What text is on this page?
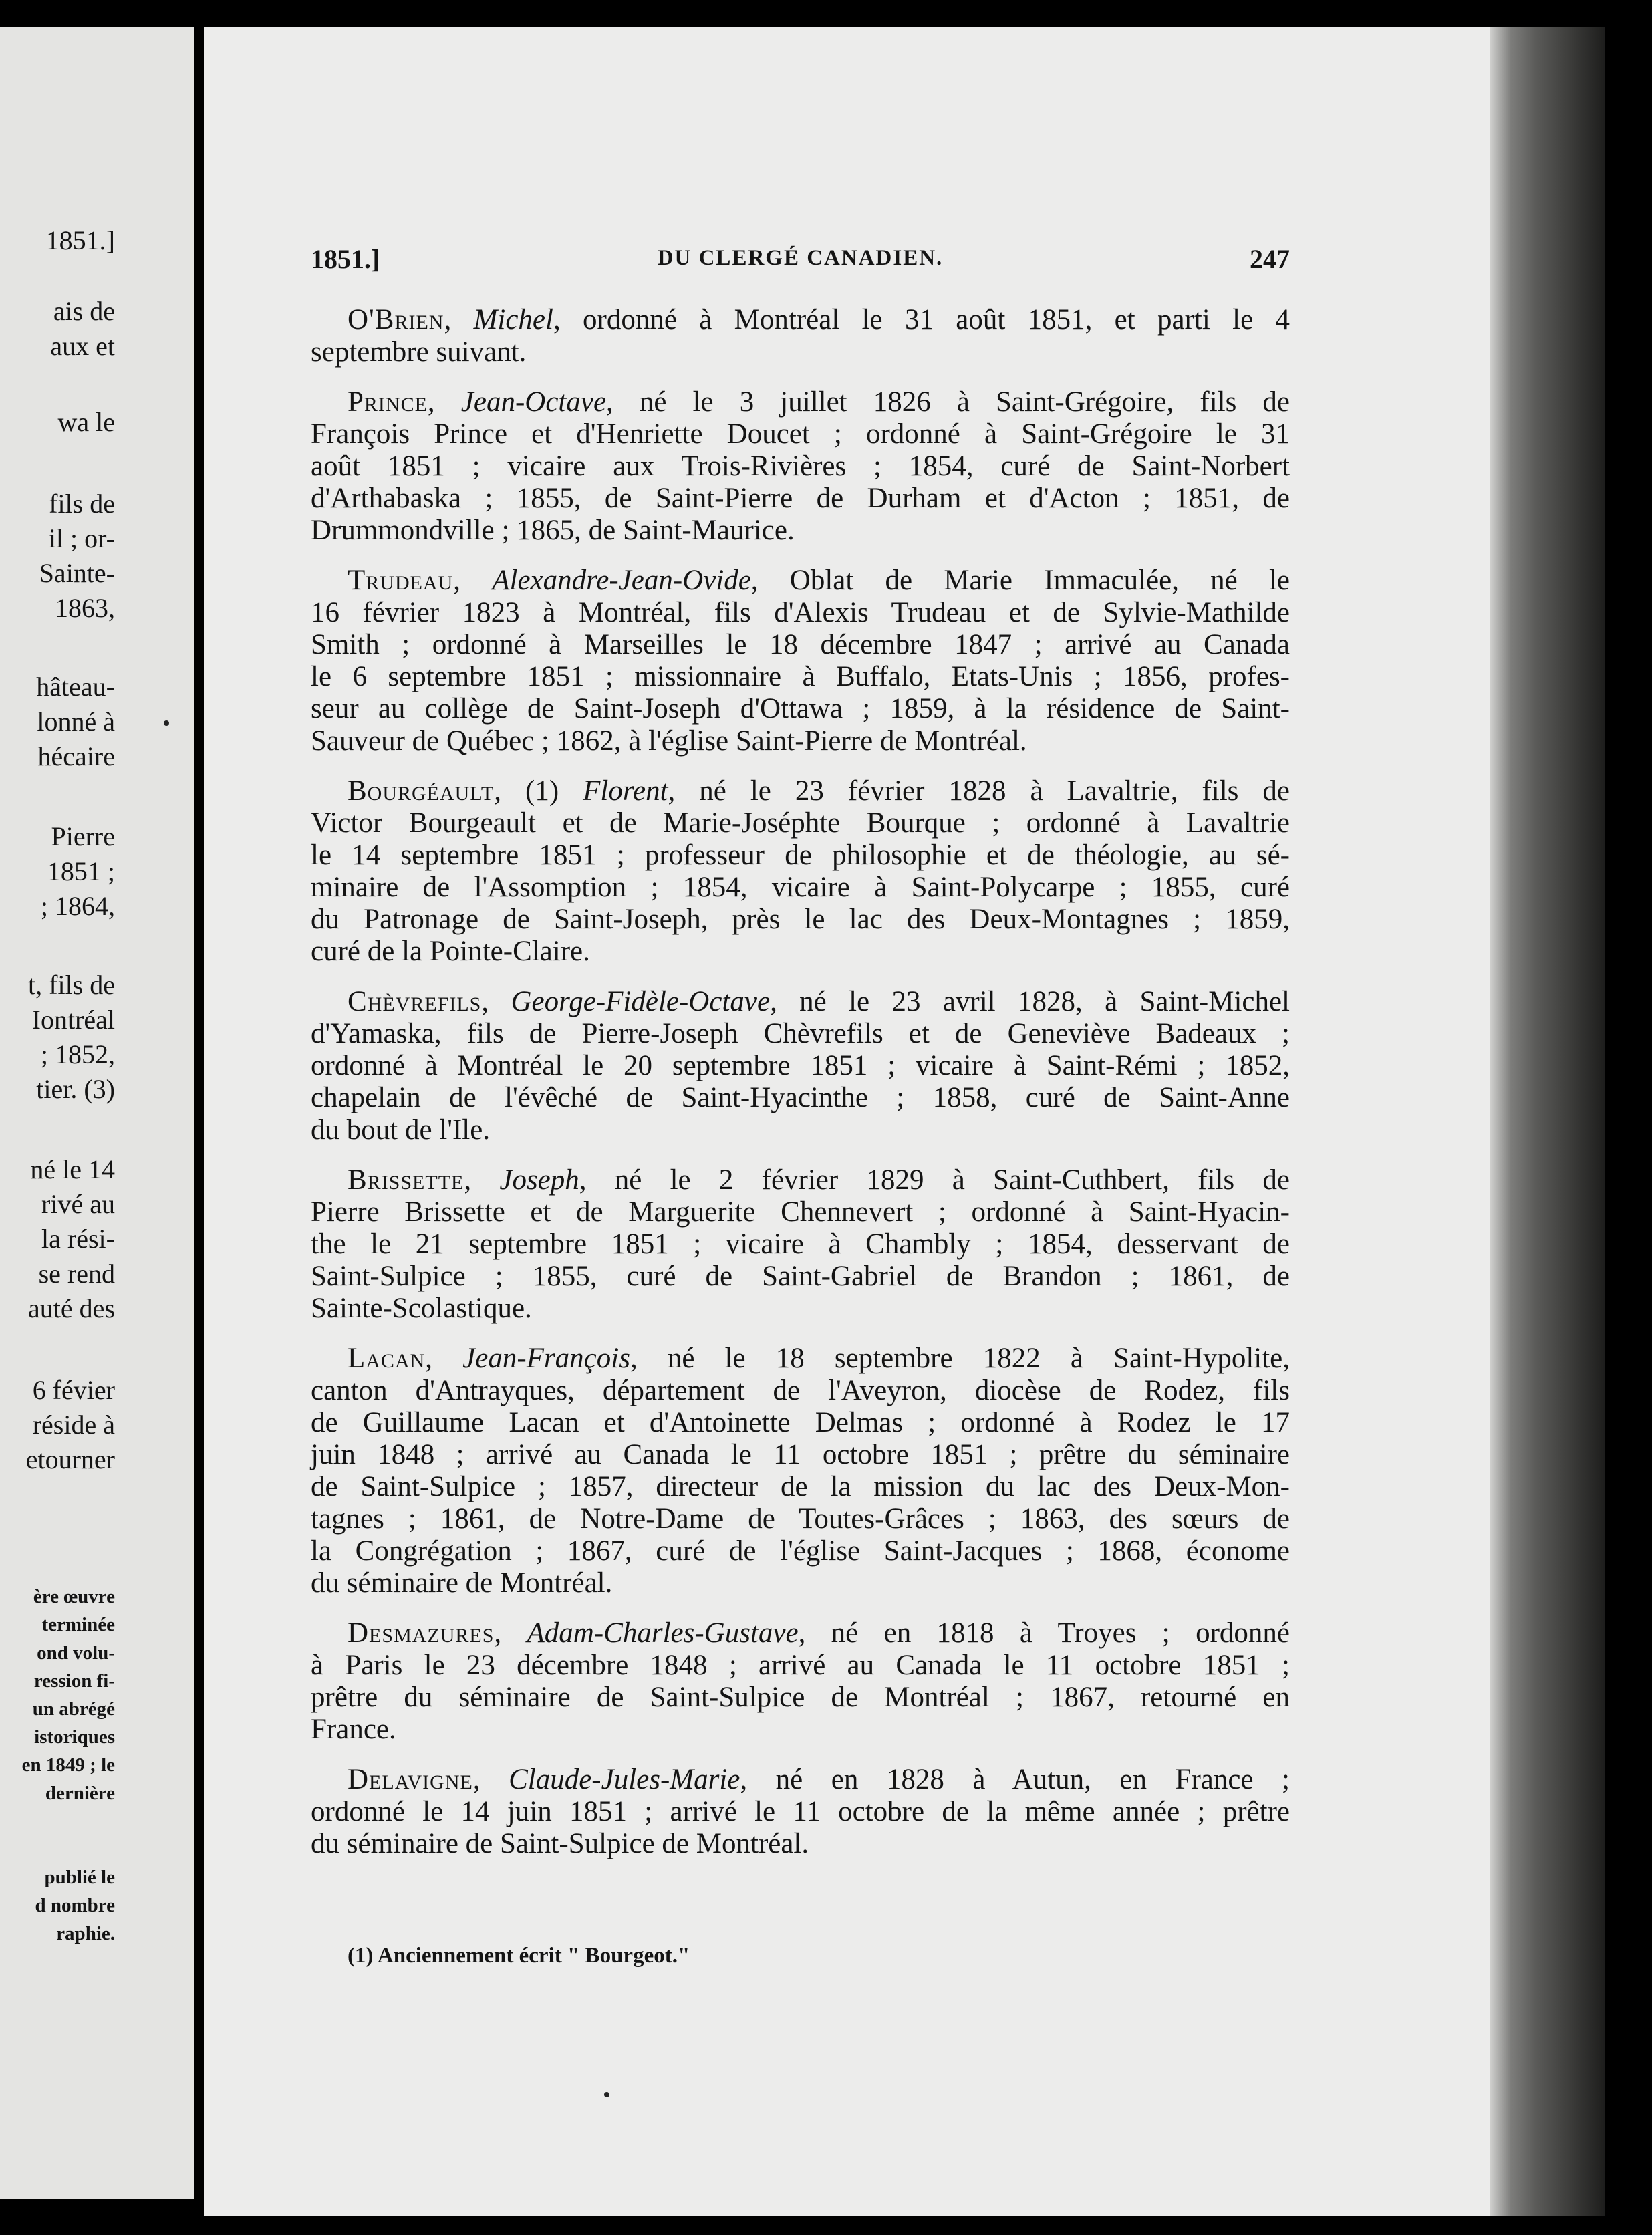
1851.]
ais de
aux et
wa le
fils de
il ; or-
Sainte-
1863,
hâteau-
lonné à
hécaire
Pierre
1851 ;
; 1864,
t, fils de
Iontréal
; 1852,
tier. (3)
né le 14
rivé au
la rési-
se rend
auté des
6 févier
réside à
etourner
ère œuvre
terminée
ond volu-
ression fi-
un abrégé
istoriques
en 1849 ; le
dernière
publié le
d nombre
raphie.
1851.]	DU CLERGÉ CANADIEN.	247
O'Brien, Michel, ordonné à Montréal le 31 août 1851, et parti le 4
septembre suivant.
Prince, Jean-Octave, né le 3 juillet 1826 à Saint-Grégoire, fils de
François Prince et d'Henriette Doucet ; ordonné à Saint-Grégoire le 31
août 1851 ; vicaire aux Trois-Rivières ; 1854, curé de Saint-Norbert
d'Arthabaska ; 1855, de Saint-Pierre de Durham et d'Acton ; 1851, de
Drummondville ; 1865, de Saint-Maurice.
Trudeau, Alexandre-Jean-Ovide, Oblat de Marie Immaculée, né le
16 février 1823 à Montréal, fils d'Alexis Trudeau et de Sylvie-Mathilde
Smith ; ordonné à Marseilles le 18 décembre 1847 ; arrivé au Canada
le 6 septembre 1851 ; missionnaire à Buffalo, Etats-Unis ; 1856, profes-
seur au collège de Saint-Joseph d'Ottawa ; 1859, à la résidence de Saint-
Sauveur de Québec ; 1862, à l'église Saint-Pierre de Montréal.
Bourgéault, (1) Florent, né le 23 février 1828 à Lavaltrie, fils de
Victor Bourgeault et de Marie-Joséphte Bourque ; ordonné à Lavaltrie
le 14 septembre 1851 ; professeur de philosophie et de théologie, au sé-
minaire de l'Assomption ; 1854, vicaire à Saint-Polycarpe ; 1855, curé
du Patronage de Saint-Joseph, près le lac des Deux-Montagnes ; 1859,
curé de la Pointe-Claire.
Chèvrefils, George-Fidèle-Octave, né le 23 avril 1828, à Saint-Michel
d'Yamaska, fils de Pierre-Joseph Chèvrefils et de Geneviève Badeaux ;
ordonné à Montréal le 20 septembre 1851 ; vicaire à Saint-Rémi ; 1852,
chapelain de l'évêché de Saint-Hyacinthe ; 1858, curé de Saint-Anne
du bout de l'Ile.
Brissette, Joseph, né le 2 février 1829 à Saint-Cuthbert, fils de
Pierre Brissette et de Marguerite Chennevert ; ordonné à Saint-Hyacin-
the le 21 septembre 1851 ; vicaire à Chambly ; 1854, desservant de
Saint-Sulpice ; 1855, curé de Saint-Gabriel de Brandon ; 1861, de
Sainte-Scolastique.
Lacan, Jean-François, né le 18 septembre 1822 à Saint-Hypolite,
canton d'Antrayques, département de l'Aveyron, diocèse de Rodez, fils
de Guillaume Lacan et d'Antoinette Delmas ; ordonné à Rodez le 17
juin 1848 ; arrivé au Canada le 11 octobre 1851 ; prêtre du séminaire
de Saint-Sulpice ; 1857, directeur de la mission du lac des Deux-Mon-
tagnes ; 1861, de Notre-Dame de Toutes-Grâces ; 1863, des sœurs de
la Congrégation ; 1867, curé de l'église Saint-Jacques ; 1868, économe
du séminaire de Montréal.
Desmazures, Adam-Charles-Gustave, né en 1818 à Troyes ; ordonné
à Paris le 23 décembre 1848 ; arrivé au Canada le 11 octobre 1851 ;
prêtre du séminaire de Saint-Sulpice de Montréal ; 1867, retourné en
France.
Delavigne, Claude-Jules-Marie, né en 1828 à Autun, en France ;
ordonné le 14 juin 1851 ; arrivé le 11 octobre de la même année ; prêtre
du séminaire de Saint-Sulpice de Montréal.
(1) Anciennement écrit " Bourgeot."
